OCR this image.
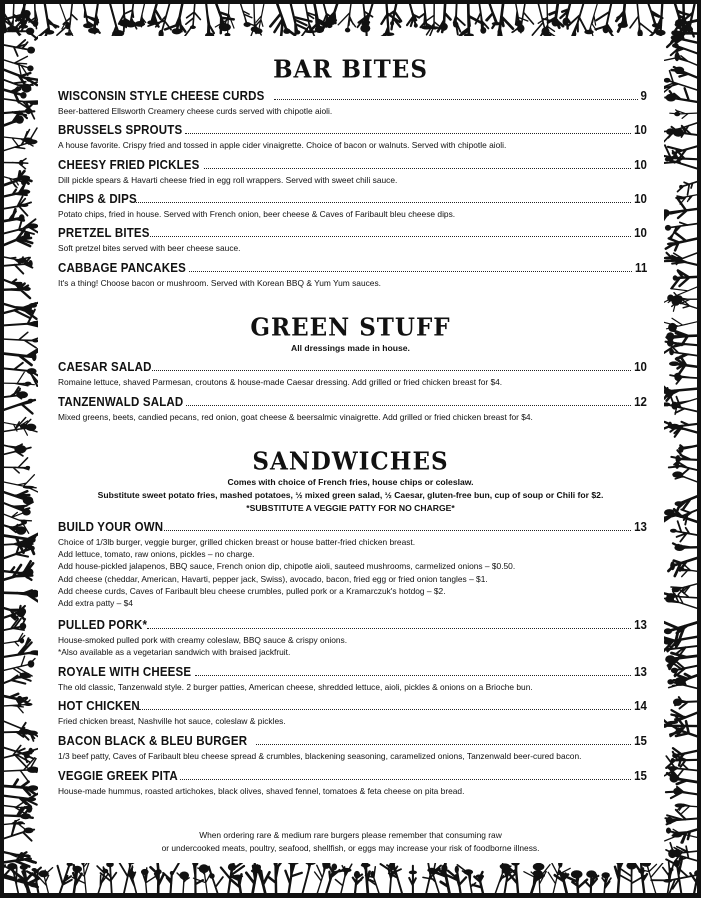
BAR BITES
WISCONSIN STYLE CHEESE CURDS	9
Beer-battered Ellsworth Creamery cheese curds served with chipotle aioli.
BRUSSELS SPROUTS	10
A house favorite. Crispy fried and tossed in apple cider vinaigrette. Choice of bacon or walnuts. Served with chipotle aioli.
CHEESY FRIED PICKLES	10
Dill pickle spears & Havarti cheese fried in egg roll wrappers. Served with sweet chili sauce.
CHIPS & DIPS	10
Potato chips, fried in house. Served with French onion, beer cheese & Caves of Faribault bleu cheese dips.
PRETZEL BITES	10
Soft pretzel bites served with beer cheese sauce.
CABBAGE PANCAKES	11
It's a thing! Choose bacon or mushroom. Served with Korean BBQ & Yum Yum sauces.
GREEN STUFF
All dressings made in house.
CAESAR SALAD	10
Romaine lettuce, shaved Parmesan, croutons & house-made Caesar dressing. Add grilled or fried chicken breast for $4.
TANZENWALD SALAD	12
Mixed greens, beets, candied pecans, red onion, goat cheese & beersalmic vinaigrette. Add grilled or fried chicken breast for $4.
SANDWICHES
Comes with choice of French fries, house chips or coleslaw.
Substitute sweet potato fries, mashed potatoes, ½ mixed green salad, ½ Caesar, gluten-free bun, cup of soup or Chili for $2.
*SUBSTITUTE A VEGGIE PATTY FOR NO CHARGE*
BUILD YOUR OWN	13
Choice of 1/3lb burger, veggie burger, grilled chicken breast or house batter-fried chicken breast.
Add lettuce, tomato, raw onions, pickles – no charge.
Add house-pickled jalapenos, BBQ sauce, French onion dip, chipotle aioli, sauteed mushrooms, carmelized onions – $0.50.
Add cheese (cheddar, American, Havarti, pepper jack, Swiss), avocado, bacon, fried egg or fried onion tangles – $1.
Add cheese curds, Caves of Faribault bleu cheese crumbles, pulled pork or a Kramarczuk's hotdog – $2.
Add extra patty – $4
PULLED PORK*	13
House-smoked pulled pork with creamy coleslaw, BBQ sauce & crispy onions.
*Also available as a vegetarian sandwich with braised jackfruit.
ROYALE WITH CHEESE	13
The old classic, Tanzenwald style. 2 burger patties, American cheese, shredded lettuce, aioli, pickles & onions on a Brioche bun.
HOT CHICKEN	14
Fried chicken breast, Nashville hot sauce, coleslaw & pickles.
BACON BLACK & BLEU BURGER	15
1/3 beef patty, Caves of Faribault bleu cheese spread & crumbles, blackening seasoning, caramelized onions, Tanzenwald beer-cured bacon.
VEGGIE GREEK PITA	15
House-made hummus, roasted artichokes, black olives, shaved fennel, tomatoes & feta cheese on pita bread.
When ordering rare & medium rare burgers please remember that consuming raw
or undercooked meats, poultry, seafood, shellfish, or eggs may increase your risk of foodborne illness.
